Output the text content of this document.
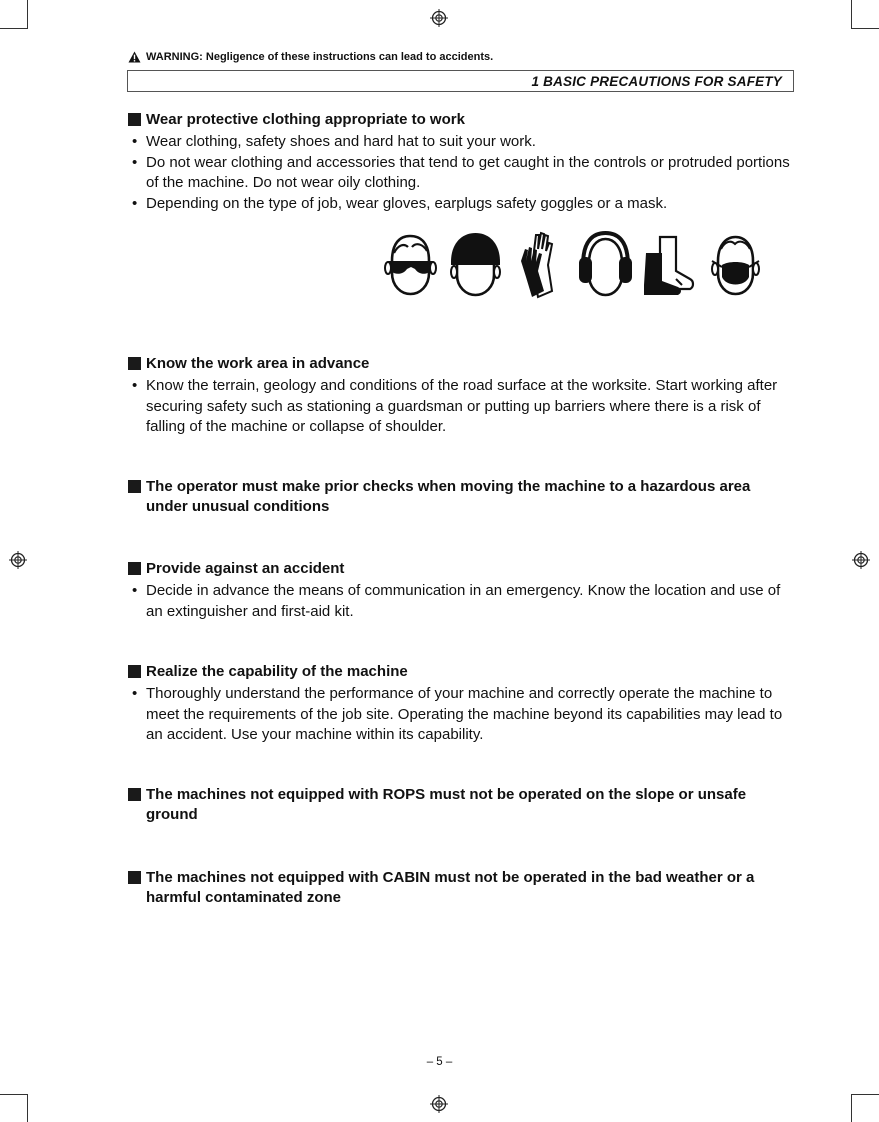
WARNING: Negligence of these instructions can lead to accidents.
1 BASIC PRECAUTIONS FOR SAFETY
Wear protective clothing appropriate to work
• Wear clothing, safety shoes and hard hat to suit your work.
• Do not wear clothing and accessories that tend to get caught in the controls or protruded portions of the machine. Do not wear oily clothing.
• Depending on the type of job, wear gloves, earplugs safety goggles or a mask.
Know the work area in advance
• Know the terrain, geology and conditions of the road surface at the worksite. Start working after securing safety such as stationing a guardsman or putting up barriers where there is a risk of falling of the machine or collapse of shoulder.
The operator must make prior checks when moving the machine to a hazardous area under unusual conditions
Provide against an accident
• Decide in advance the means of communication in an emergency. Know the location and use of an extinguisher and first-aid kit.
Realize the capability of the machine
• Thoroughly understand the performance of your machine and correctly operate the machine to meet the requirements of the job site. Operating the machine beyond its capabilities may lead to an accident. Use your machine within its capability.
The machines not equipped with ROPS must not be operated on the slope or unsafe ground
The machines not equipped with CABIN must not be operated in the bad weather or a harmful contaminated zone
– 5 –
